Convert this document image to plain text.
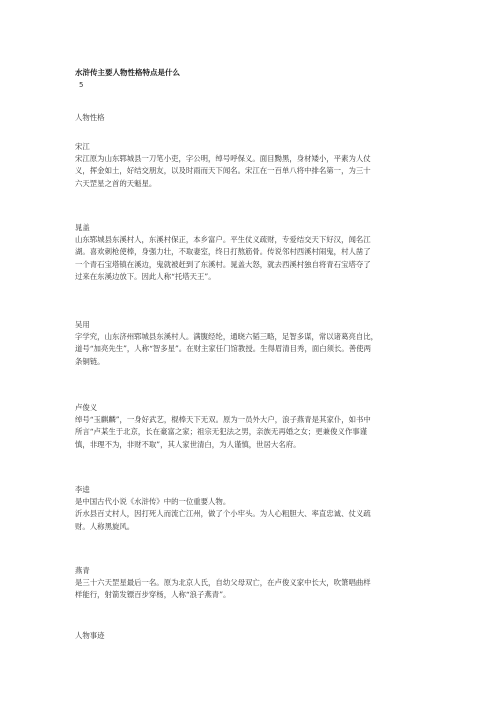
水浒传主要人物性格特点是什么
5
人物性格
宋江
宋江原为山东郓城县一刀笔小吏，字公明，绰号呼保义。面目黝黑，身材矮小，平素为人仗
义，挥金如土，好结交朋友，以及时雨而天下闻名。宋江在一百单八将中排名第一，为三十
六天罡星之首的天魁星。
晁盖
山东郓城县东溪村人，东溪村保正，本乡富户。平生仗义疏财，专爱结交天下好汉，闻名江
湖。喜欢刺枪使棒，身强力壮，不取妻室，终日打熬筋骨。传说邻村西溪村闹鬼，村人凿了
一个青石宝塔镇在溪边，鬼就被赶到了东溪村。晁盖大怒，就去西溪村独自将青石宝塔夺了
过来在东溪边放下。因此人称“托塔天王”。
吴用
字学究，山东济州郓城县东溪村人。满腹经纶，通晓六韬三略，足智多谋，常以诸葛亮自比，
道号“加亮先生”，人称“智多星”。在财主家任门馆教授。生得眉清目秀，面白须长。善使两
条铜链。
卢俊义
绰号“玉麒麟”，一身好武艺，棍棒天下无双。原为一员外大户，浪子燕青是其家仆，如书中
所言“卢某生于北京，长在豪富之家；祖宗无犯法之男，亲族无再婚之女；更兼俊义作事谨
慎，非理不为，非财不取”，其人家世清白，为人谨慎，世居大名府。
李逵
是中国古代小说《水浒传》中的一位重要人物。
沂水县百丈村人，因打死人而流亡江州，做了个小牢头。为人心粗胆大、率直忠诚、仗义疏
财。人称黑旋风。
燕青
是三十六天罡星最后一名。原为北京人氏，自幼父母双亡，在卢俊义家中长大，吹箫唱曲样
样能行，射箭发镖百步穿杨，人称“浪子燕青”。
人物事迹
